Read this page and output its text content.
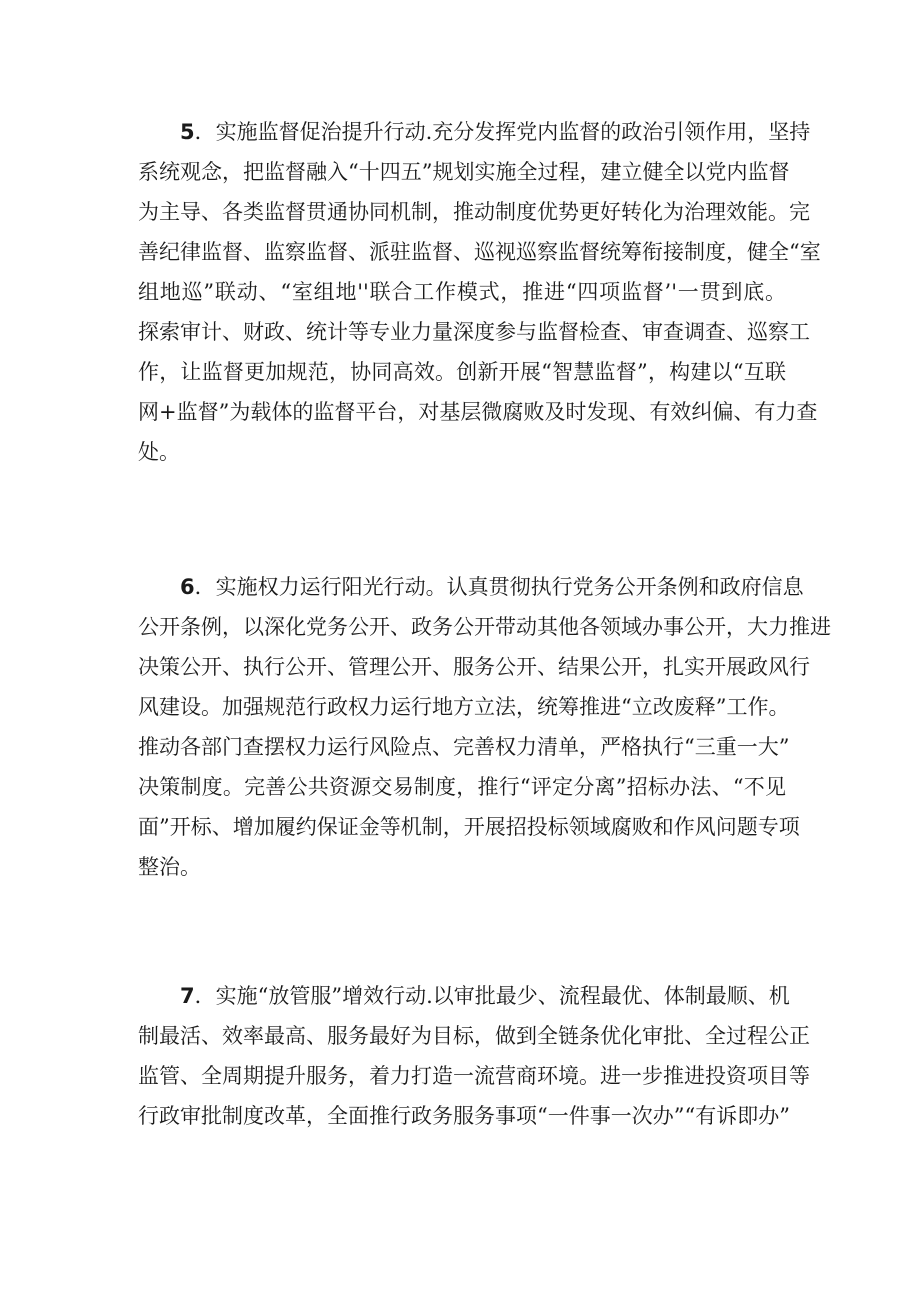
5．实施监督促治提升行动.充分发挥党内监督的政治引领作用，坚持
系统观念，把监督融入“十四五”规划实施全过程，建立健全以党内监督
为主导、各类监督贯通协同机制，推动制度优势更好转化为治理效能。完
善纪律监督、监察监督、派驻监督、巡视巡察监督统筹衔接制度，健全“室
组地巡”联动、“室组地''联合工作模式，推进“四项监督’'一贯到底。
探索审计、财政、统计等专业力量深度参与监督检查、审查调查、巡察工
作，让监督更加规范，协同高效。创新开展“智慧监督”，构建以“互联
网+监督”为载体的监督平台，对基层微腐败及时发现、有效纠偏、有力查
处。
6．实施权力运行阳光行动。认真贯彻执行党务公开条例和政府信息
公开条例，以深化党务公开、政务公开带动其他各领域办事公开，大力推进
决策公开、执行公开、管理公开、服务公开、结果公开，扎实开展政风行
风建设。加强规范行政权力运行地方立法，统筹推进“立改废释”工作。
推动各部门查摆权力运行风险点、完善权力清单，严格执行“三重一大”
决策制度。完善公共资源交易制度，推行“评定分离”招标办法、“不见
面”开标、增加履约保证金等机制，开展招投标领域腐败和作风问题专项
整治。
7．实施“放管服”增效行动.以审批最少、流程最优、体制最顺、机
制最活、效率最高、服务最好为目标，做到全链条优化审批、全过程公正
监管、全周期提升服务，着力打造一流营商环境。进一步推进投资项目等
行政审批制度改革，全面推行政务服务事项“一件事一次办”“有诉即办”
